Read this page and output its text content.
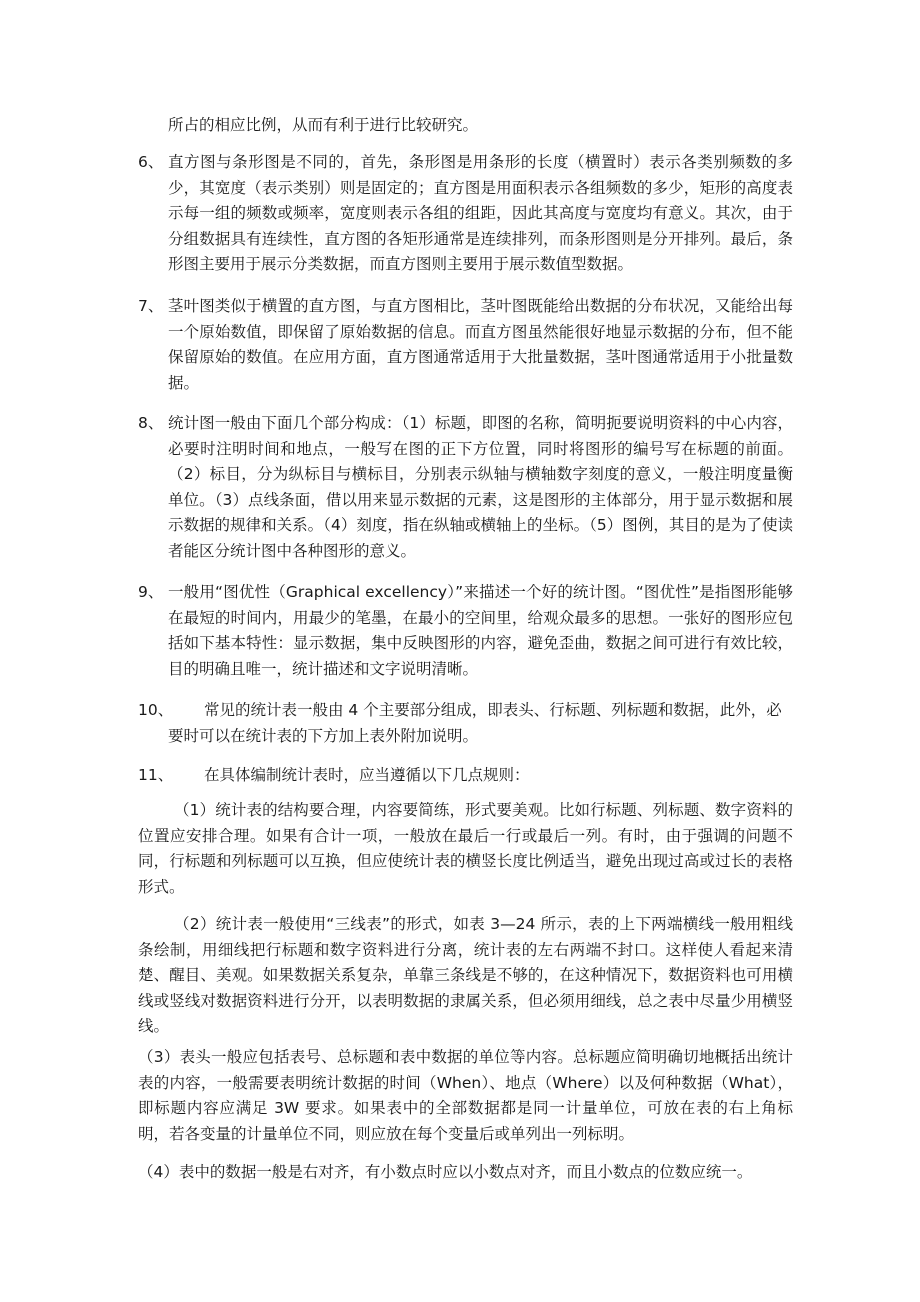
所占的相应比例，从而有利于进行比较研究。

6、 直方图与条形图是不同的，首先，条形图是用条形的长度（横置时）表示各类别频数的多少，其宽度（表示类别）则是固定的；直方图是用面积表示各组频数的多少，矩形的高度表示每一组的频数或频率，宽度则表示各组的组距，因此其高度与宽度均有意义。其次，由于分组数据具有连续性，直方图的各矩形通常是连续排列，而条形图则是分开排列。最后，条形图主要用于展示分类数据，而直方图则主要用于展示数值型数据。
7、 茎叶图类似于横置的直方图，与直方图相比，茎叶图既能给出数据的分布状况，又能给出每一个原始数值，即保留了原始数据的信息。而直方图虽然能很好地显示数据的分布，但不能保留原始的数值。在应用方面，直方图通常适用于大批量数据，茎叶图通常适用于小批量数据。
8、 统计图一般由下面几个部分构成：（1）标题，即图的名称，简明扼要说明资料的中心内容，必要时注明时间和地点，一般写在图的正下方位置，同时将图形的编号写在标题的前面。（2）标目，分为纵标目与横标目，分别表示纵轴与横轴数字刻度的意义，一般注明度量衡单位。（3）点线条面，借以用来显示数据的元素，这是图形的主体部分，用于显示数据和展示数据的规律和关系。（4）刻度，指在纵轴或横轴上的坐标。（5）图例，其目的是为了使读者能区分统计图中各种图形的意义。
9、 一般用“图优性（Graphical excellency）”来描述一个好的统计图。“图优性”是指图形能够在最短的时间内，用最少的笔墨，在最小的空间里，给观众最多的思想。一张好的图形应包括如下基本特性：显示数据，集中反映图形的内容，避免歪曲，数据之间可进行有效比较，目的明确且唯一，统计描述和文字说明清晰。
10、	常见的统计表一般由 4 个主要部分组成，即表头、行标题、列标题和数据，此外，必要时可以在统计表的下方加上表外附加说明。
11、	在具体编制统计表时，应当遵循以下几点规则：

（1）统计表的结构要合理，内容要简练，形式要美观。比如行标题、列标题、数字资料的位置应安排合理。如果有合计一项，一般放在最后一行或最后一列。有时，由于强调的问题不同，行标题和列标题可以互换，但应使统计表的横竖长度比例适当，避免出现过高或过长的表格形式。

（2）统计表一般使用“三线表”的形式，如表 3—24 所示，表的上下两端横线一般用粗线条绘制，用细线把行标题和数字资料进行分离，统计表的左右两端不封口。这样使人看起来清楚、醒目、美观。如果数据关系复杂，单靠三条线是不够的，在这种情况下，数据资料也可用横线或竖线对数据资料进行分开，以表明数据的隶属关系，但必须用细线，总之表中尽量少用横竖线。

（3）表头一般应包括表号、总标题和表中数据的单位等内容。总标题应简明确切地概括出统计表的内容，一般需要表明统计数据的时间（When）、地点（Where）以及何种数据（What），即标题内容应满足 3W 要求。如果表中的全部数据都是同一计量单位，可放在表的右上角标明，若各变量的计量单位不同，则应放在每个变量后或单列出一列标明。

（4）表中的数据一般是右对齐，有小数点时应以小数点对齐，而且小数点的位数应统一。
